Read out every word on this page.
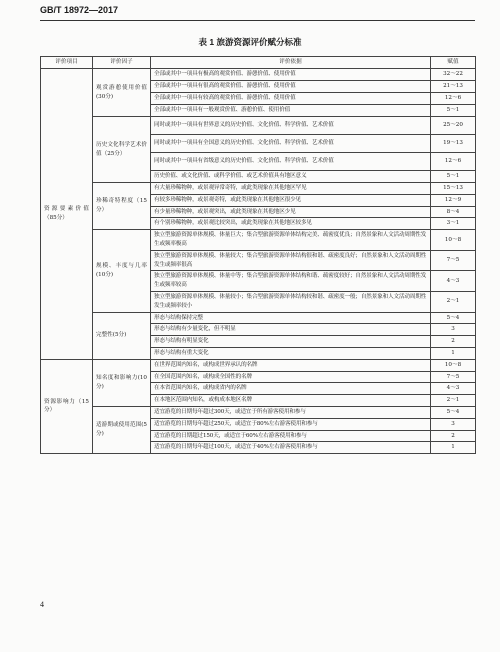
GB/T 18972—2017
表 1 旅游资源评价赋分标准
评价项目	评价因子	评价依据	赋值

资源要素价值（85分）	观赏游憩使用价值(30分)	全部或其中一项具有极高的观赏价值、游憩价值、使用价值	32～22
		全部或其中一项具有很高的观赏价值、游憩价值、使用价值	21～13
		全部或其中一项具有较高的观赏价值、游憩价值、使用价值	12～6
		全部或其中一项具有一般观赏价值、游憩价值、使用价值	5～1

	历史文化科学艺术价值（25分）	同时或其中一项具有世界意义的历史价值、文化价值、科学价值、艺术价值	25～20
		同时或其中一项具有全国意义的历史价值、文化价值、科学价值、艺术价值	19～13
		同时或其中一项具有省级意义的历史价值、文化价值、科学价值、艺术价值	12～6
		历史价值、或文化价值、或科学价值、或艺术价值具有地区意义	5～1

	珍稀奇特程度（15分）	有大量珍稀物种，或景观异常奇特，或此类现象在其他地区罕见	15～13
		有较多珍稀物种，或景观奇特，或此类现象在其他地区很少见	12～9
		有少量珍稀物种，或景观突出，或此类现象在其他地区少见	8～4
		有个别珍稀物种，或景观比较突出，或此类现象在其他地区较多见	3～1

	规模、丰度与几率(10分)	独立型旅游资源单体规模、体量巨大；集合型旅游资源单体结构完美、疏密度优良；自然景象和人文活动周期性发生或频率极高	10～8
		独立型旅游资源单体规模、体量较大；集合型旅游资源单体结构很和谐、疏密度良好；自然景象和人文活动周期性发生或频率很高	7～5
		独立型旅游资源单体规模、体量中等；集合型旅游资源单体结构和谐、疏密度较好；自然景象和人文活动周期性发生或频率较高	4～3
		独立型旅游资源单体规模、体量较小；集合型旅游资源单体结构较和谐、疏密度一般；自然景象和人文活动周期性发生或频率较小	2～1

	完整性(5分)	形态与结构保持完整	5～4
		形态与结构有少量变化，但不明显	3
		形态与结构有明显变化	2
		形态与结构有重大变化	1

资源影响力（15分）	知名度和影响力(10分)	在世界范围内知名，或构成世界承认的名牌	10～8
		在全国范围内知名，或构成全国性的名牌	7～5
		在本省范围内知名，或构成省内的名牌	4～3
		在本地区范围内知名，或构成本地区名牌	2～1

	适游期或使用范围(5分)	适宜游览的日期每年超过300天，或适宜于所有游客使用和参与	5～4
		适宜游览的日期每年超过250天，或适宜于80%左右游客使用和参与	3
		适宜游览的日期超过150天，或适宜于60%左右游客使用和参与	2
		适宜游览的日期每年超过100天，或适宜于40%左右游客使用和参与	1
4
